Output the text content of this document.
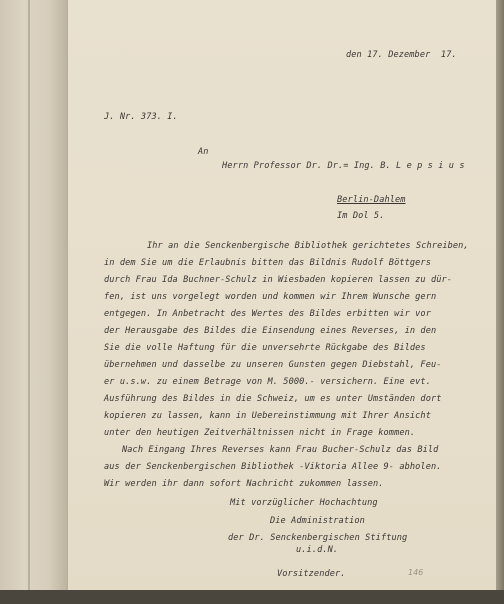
den 17. Dezember  17.
J. Nr. 373. I.
An
Herrn Professor Dr. Dr.= Ing. B. L e p s i u s
Berlin-Dahlem
Im Dol 5.
Ihr an die Senckenbergische Bibliothek gerichtetes Schreiben,
in dem Sie um die Erlaubnis bitten das Bildnis Rudolf Böttgers
durch Frau Ida Buchner-Schulz in Wiesbaden kopieren lassen zu dür-
fen, ist uns vorgelegt worden und kommen wir Ihrem Wunsche gern
entgegen. In Anbetracht des Wertes des Bildes erbitten wir vor
der Herausgabe des Bildes die Einsendung eines Reverses, in den
Sie die volle Haftung für die unversehrte Rückgabe des Bildes
übernehmen und dasselbe zu unseren Gunsten gegen Diebstahl, Feu-
er u.s.w. zu einem Betrage von M. 5000.- versichern. Eine evt.
Ausführung des Bildes in die Schweiz, um es unter Umständen dort
kopieren zu lassen, kann in Uebereinstimmung mit Ihrer Ansicht
unter den heutigen Zeitverhältnissen nicht in Frage kommen.
Nach Eingang Ihres Reverses kann Frau Bucher-Schulz das Bild
aus der Senckenbergischen Bibliothek -Viktoria Allee 9- abholen.
Wir werden ihr dann sofort Nachricht zukommen lassen.
Mit vorzüglicher Hochachtung
Die Administration
der Dr. Senckenbergischen Stiftung
u.i.d.N.
Vorsitzender.	146
